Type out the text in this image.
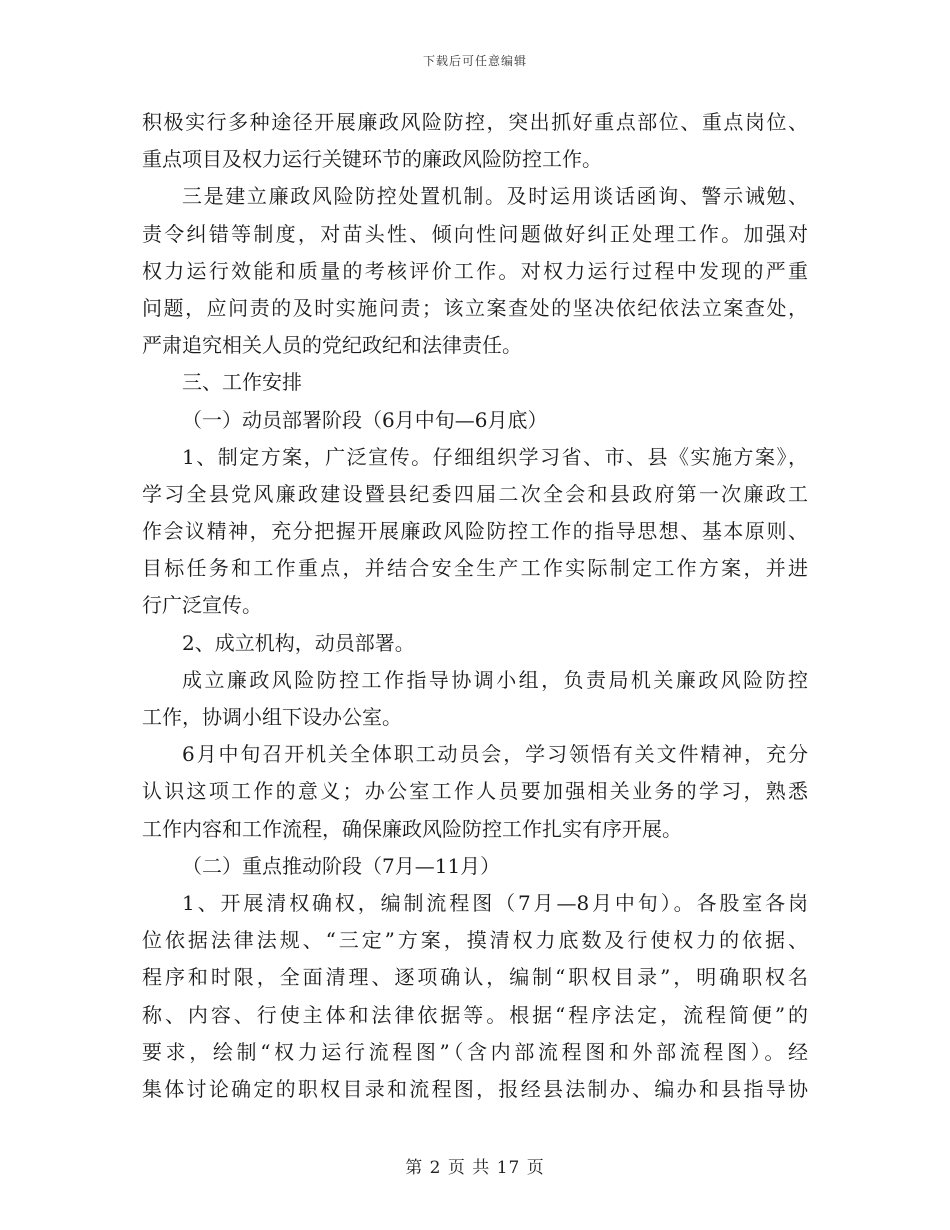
下载后可任意编辑
积极实行多种途径开展廉政风险防控，突出抓好重点部位、重点岗位、
重点项目及权力运行关键环节的廉政风险防控工作。
三是建立廉政风险防控处置机制。及时运用谈话函询、警示诫勉、
责令纠错等制度，对苗头性、倾向性问题做好纠正处理工作。加强对
权力运行效能和质量的考核评价工作。对权力运行过程中发现的严重
问题，应问责的及时实施问责；该立案查处的坚决依纪依法立案查处，
严肃追究相关人员的党纪政纪和法律责任。
三、工作安排
（一）动员部署阶段（6月中旬—6月底）
1、制定方案，广泛宣传。仔细组织学习省、市、县《实施方案》，
学习全县党风廉政建设暨县纪委四届二次全会和县政府第一次廉政工
作会议精神，充分把握开展廉政风险防控工作的指导思想、基本原则、
目标任务和工作重点，并结合安全生产工作实际制定工作方案，并进
行广泛宣传。
2、成立机构，动员部署。
成立廉政风险防控工作指导协调小组，负责局机关廉政风险防控
工作，协调小组下设办公室。
6月中旬召开机关全体职工动员会，学习领悟有关文件精神，充分
认识这项工作的意义；办公室工作人员要加强相关业务的学习，熟悉
工作内容和工作流程，确保廉政风险防控工作扎实有序开展。
（二）重点推动阶段（7月—11月）
1、开展清权确权，编制流程图（7月—8月中旬）。各股室各岗
位依据法律法规、“三定”方案，摸清权力底数及行使权力的依据、
程序和时限，全面清理、逐项确认，编制“职权目录”，明确职权名
称、内容、行使主体和法律依据等。根据“程序法定，流程简便”的
要求，绘制“权力运行流程图”（含内部流程图和外部流程图）。经
集体讨论确定的职权目录和流程图，报经县法制办、编办和县指导协
第 2 页 共 17 页
